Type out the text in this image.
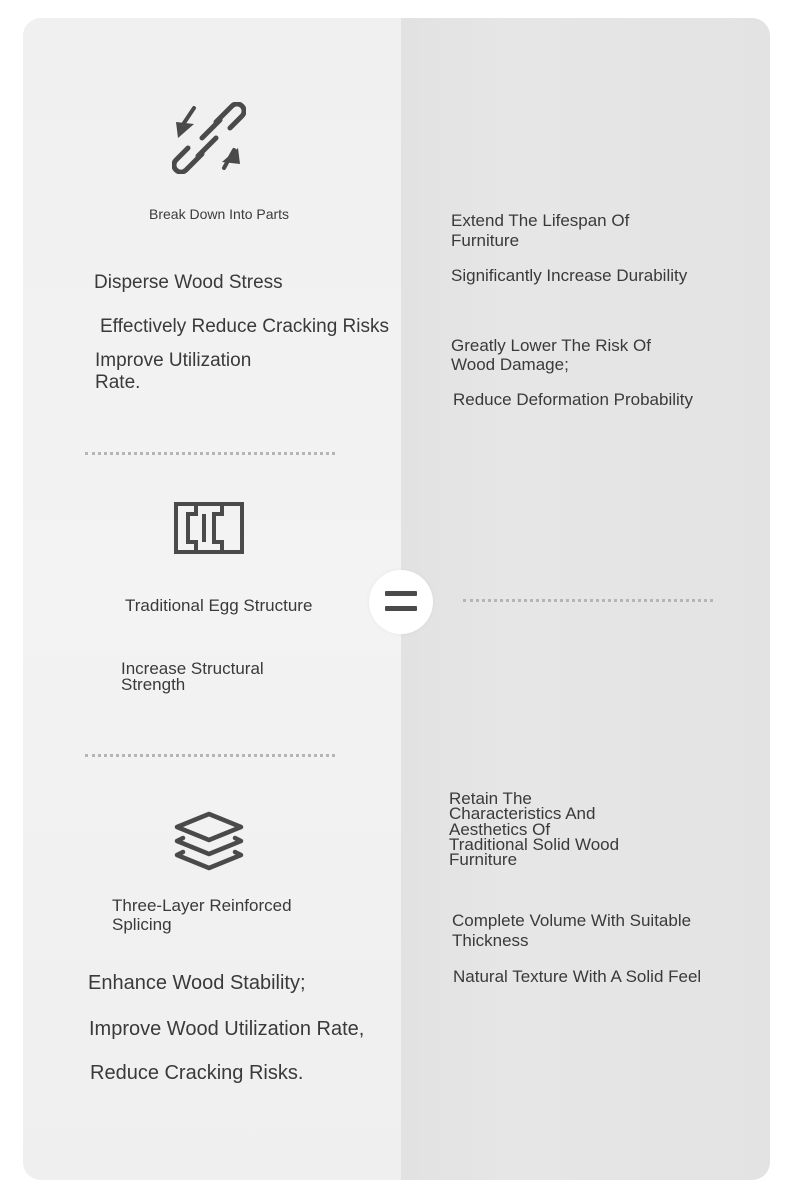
Break Down Into Parts

Disperse Wood Stress

Effectively Reduce Cracking Risks

Improve Utilization

Rate.

Traditional Egg Structure

Increase Structural

Strength

Three-Layer Reinforced

Splicing

Enhance Wood Stability;

Improve Wood Utilization Rate,

Reduce Cracking Risks.

Extend The Lifespan Of

Furniture

Significantly Increase Durability

Greatly Lower The Risk Of

Wood Damage;

Reduce Deformation Probability

Retain The

Characteristics And

Aesthetics Of

Traditional Solid Wood

Furniture

Complete Volume With Suitable

Thickness

Natural Texture With A Solid Feel
